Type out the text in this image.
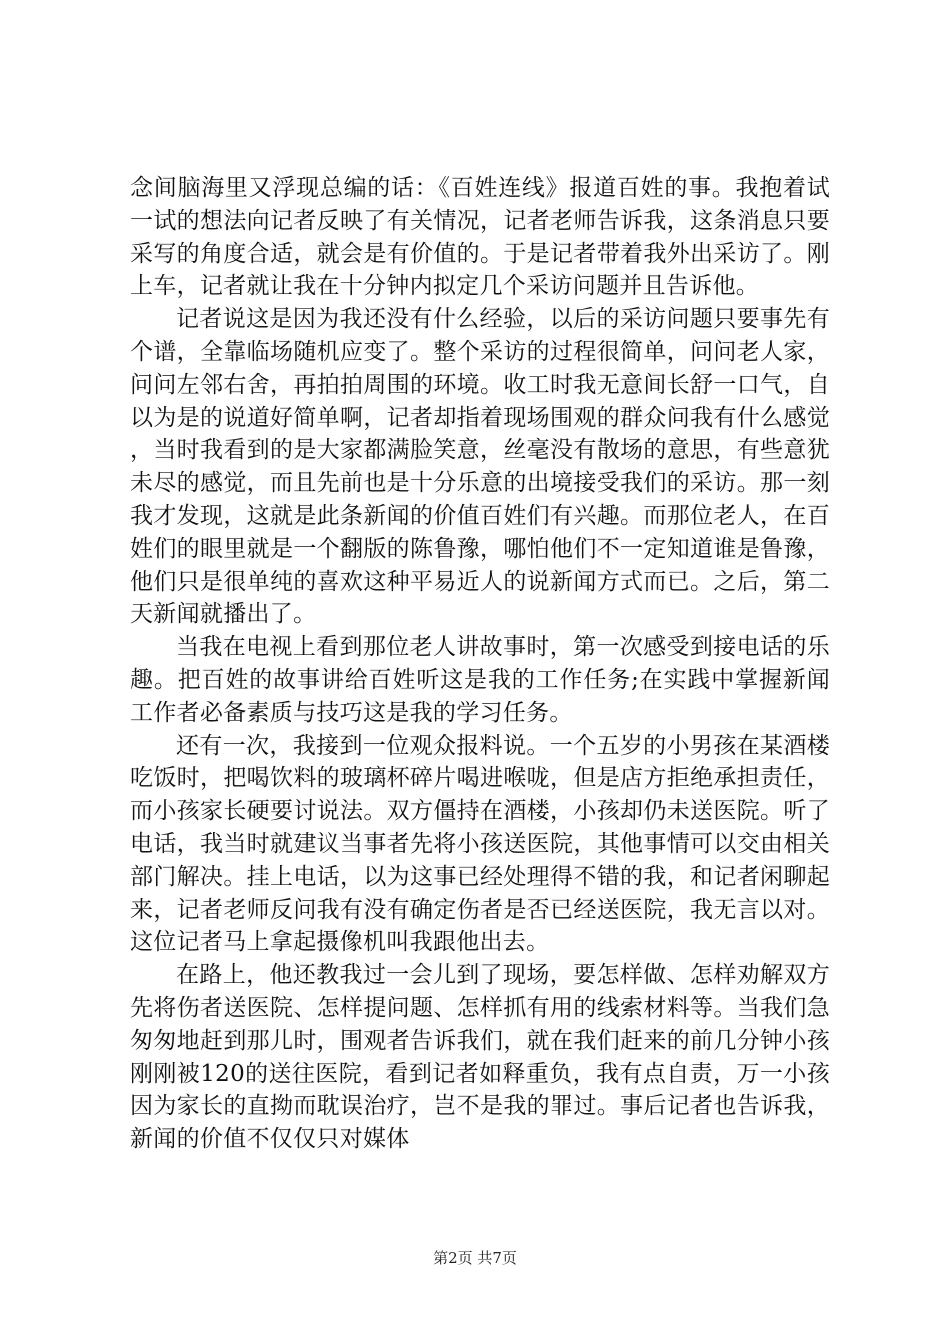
念间脑海里又浮现总编的话：《百姓连线》报道百姓的事。我抱着试一试的想法向记者反映了有关情况，记者老师告诉我，这条消息只要采写的角度合适，就会是有价值的。于是记者带着我外出采访了。刚上车，记者就让我在十分钟内拟定几个采访问题并且告诉他。

记者说这是因为我还没有什么经验，以后的采访问题只要事先有个谱，全靠临场随机应变了。整个采访的过程很简单，问问老人家，问问左邻右舍，再拍拍周围的环境。收工时我无意间长舒一口气，自以为是的说道好简单啊，记者却指着现场围观的群众问我有什么感觉，当时我看到的是大家都满脸笑意，丝毫没有散场的意思，有些意犹未尽的感觉，而且先前也是十分乐意的出境接受我们的采访。那一刻我才发现，这就是此条新闻的价值百姓们有兴趣。而那位老人，在百姓们的眼里就是一个翻版的陈鲁豫，哪怕他们不一定知道谁是鲁豫，他们只是很单纯的喜欢这种平易近人的说新闻方式而已。之后，第二天新闻就播出了。

当我在电视上看到那位老人讲故事时，第一次感受到接电话的乐趣。把百姓的故事讲给百姓听这是我的工作任务;在实践中掌握新闻工作者必备素质与技巧这是我的学习任务。

还有一次，我接到一位观众报料说。一个五岁的小男孩在某酒楼吃饭时，把喝饮料的玻璃杯碎片喝进喉咙，但是店方拒绝承担责任，而小孩家长硬要讨说法。双方僵持在酒楼，小孩却仍未送医院。听了电话，我当时就建议当事者先将小孩送医院，其他事情可以交由相关部门解决。挂上电话，以为这事已经处理得不错的我，和记者闲聊起来，记者老师反问我有没有确定伤者是否已经送医院，我无言以对。这位记者马上拿起摄像机叫我跟他出去。

在路上，他还教我过一会儿到了现场，要怎样做、怎样劝解双方先将伤者送医院、怎样提问题、怎样抓有用的线索材料等。当我们急匆匆地赶到那儿时，围观者告诉我们，就在我们赶来的前几分钟小孩刚刚被120的送往医院，看到记者如释重负，我有点自责，万一小孩因为家长的直拗而耽误治疗，岂不是我的罪过。事后记者也告诉我，新闻的价值不仅仅只对媒体

第2页 共7页
